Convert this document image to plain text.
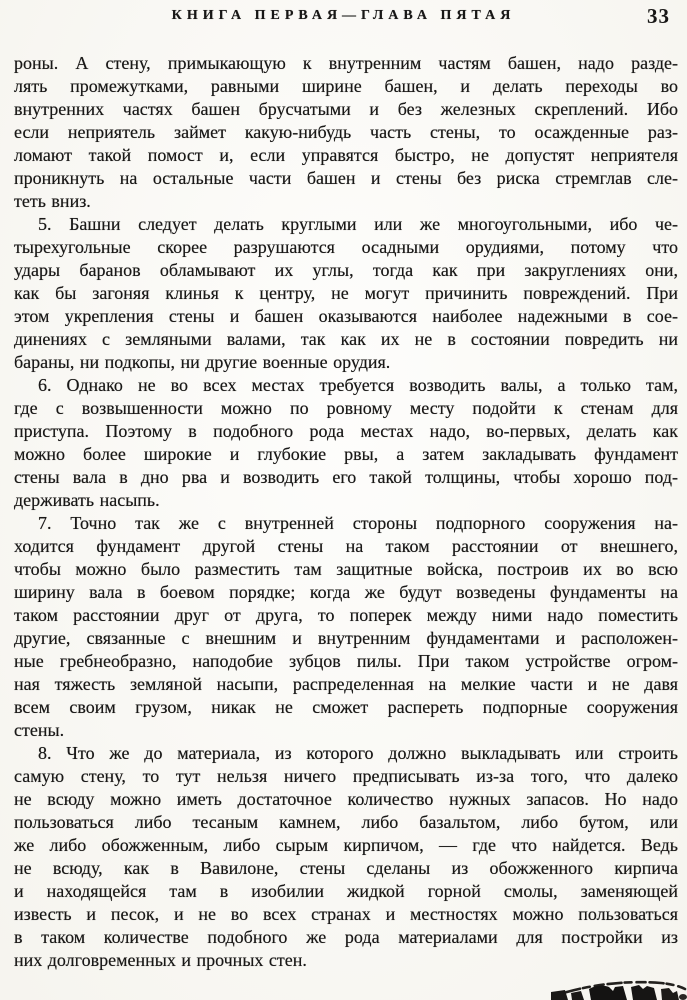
КНИГА ПЕРВАЯ—ГЛАВА ПЯТАЯ	33
роны. А стену, примыкающую к внутренним частям башен, надо разде-
лять промежутками, равными ширине башен, и делать переходы во
внутренних частях башен брусчатыми и без железных скреплений. Ибо
если неприятель займет какую-нибудь часть стены, то осажденные раз-
ломают такой помост и, если управятся быстро, не допустят неприятеля
проникнуть на остальные части башен и стены без риска стремглав сле-
теть вниз.
5. Башни следует делать круглыми или же многоугольными, ибо че-
тырехугольные скорее разрушаются осадными орудиями, потому что
удары баранов обламывают их углы, тогда как при закруглениях они,
как бы загоняя клинья к центру, не могут причинить повреждений. При
этом укрепления стены и башен оказываются наиболее надежными в сое-
динениях с земляными валами, так как их не в состоянии повредить ни
бараны, ни подкопы, ни другие военные орудия.
6. Однако не во всех местах требуется возводить валы, а только там,
где с возвышенности можно по ровному месту подойти к стенам для
приступа. Поэтому в подобного рода местах надо, во-первых, делать как
можно более широкие и глубокие рвы, а затем закладывать фундамент
стены вала в дно рва и возводить его такой толщины, чтобы хорошо под-
держивать насыпь.
7. Точно так же с внутренней стороны подпорного сооружения на-
ходится фундамент другой стены на таком расстоянии от внешнего,
чтобы можно было разместить там защитные войска, построив их во всю
ширину вала в боевом порядке; когда же будут возведены фундаменты на
таком расстоянии друг от друга, то поперек между ними надо поместить
другие, связанные с внешним и внутренним фундаментами и расположен-
ные гребнеобразно, наподобие зубцов пилы. При таком устройстве огром-
ная тяжесть земляной насыпи, распределенная на мелкие части и не давя
всем своим грузом, никак не сможет распереть подпорные сооружения
стены.
8. Что же до материала, из которого должно выкладывать или строить
самую стену, то тут нельзя ничего предписывать из-за того, что далеко
не всюду можно иметь достаточное количество нужных запасов. Но надо
пользоваться либо тесаным камнем, либо базальтом, либо бутом, или
же либо обожженным, либо сырым кирпичом, — где что найдется. Ведь
не всюду, как в Вавилоне, стены сделаны из обожженного кирпича
и находящейся там в изобилии жидкой горной смолы, заменяющей
известь и песок, и не во всех странах и местностях можно пользоваться
в таком количестве подобного же рода материалами для постройки из
них долговременных и прочных стен.
